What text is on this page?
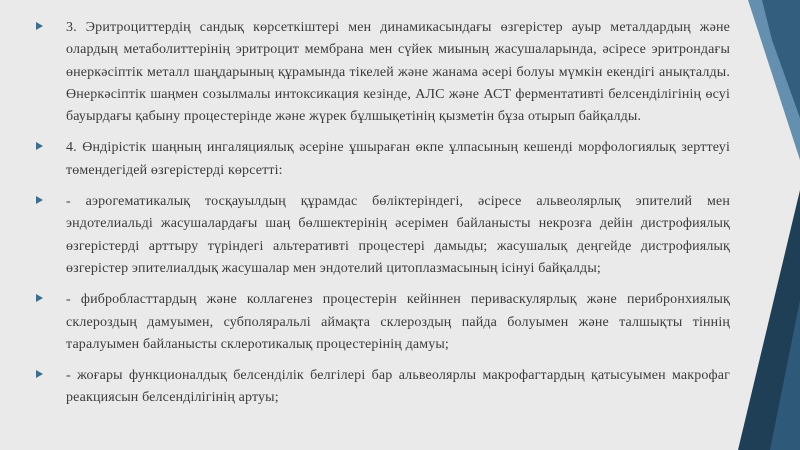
3. Эритроциттердің сандық көрсеткіштері мен динамикасындағы өзгерістер ауыр металдардың және олардың метаболиттерінің эритроцит мембрана мен сүйек миының жасушаларында, әсіресе эритрондағы өнеркәсіптік металл шаңдарының құрамында тікелей және жанама әсері болуы мүмкін екендігі анықталды. Өнеркәсіптік шаңмен созылмалы интоксикация кезінде, АЛС және АСТ ферментативті белсенділігінің өсуі бауырдағы қабыну процестерінде және жүрек бұлшықетінің қызметін бұза отырып байқалды.
4. Өндірістік шаңның ингаляциялық әсеріне ұшыраған өкпе ұлпасының кешенді морфологиялық зерттеуі төмендегідей өзгерістерді көрсетті:
- аэрогематикалық тосқауылдың құрамдас бөліктеріндегі, әсіресе альвеолярлық эпителий мен эндотелиальді жасушалардағы шаң бөлшектерінің әсерімен байланысты некрозға дейін дистрофиялық өзгерістерді арттыру түріндегі альтеративті процестері дамыды; жасушалық деңгейде дистрофиялық өзгерістер эпителиалдық жасушалар мен эндотелий цитоплазмасының ісінуі байқалды;
- фибробласттардың және коллагенез процестерін кейіннен периваскулярлық және перибронхиялық склероздың дамуымен, субполяральлі аймақта склероздың пайда болуымен және талшықты тіннің таралуымен байланысты склеротикалық процестерінің дамуы;
- жоғары функционалдық белсенділік белгілері бар альвеолярлы макрофагтардың қатысуымен макрофаг реакциясын белсенділігінің артуы;
